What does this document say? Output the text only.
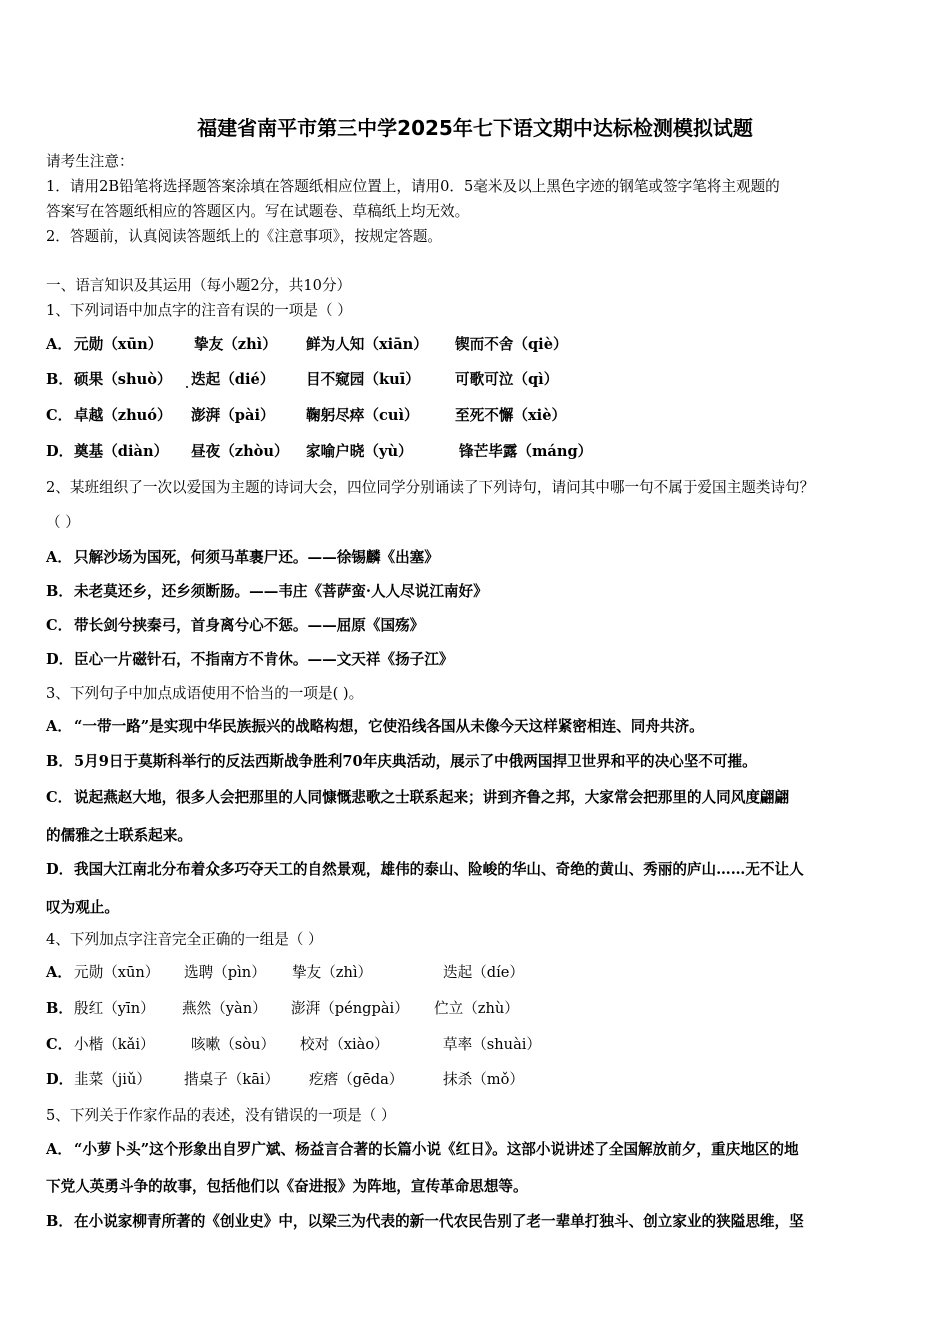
福建省南平市第三中学2025年七下语文期中达标检测模拟试题
请考生注意：
1．请用2B铅笔将选择题答案涂填在答题纸相应位置上，请用0．5毫米及以上黑色字迹的钢笔或签字笔将主观题的
答案写在答题纸相应的答题区内。写在试题卷、草稿纸上均无效。
2．答题前，认真阅读答题纸上的《注意事项》，按规定答题。
一、语言知识及其运用（每小题2分，共10分）
1、下列词语中加点字的注音有误的一项是（ ）
A． 元勋（xūn） 挚友（zhì） 鲜为人知（xiān） 锲而不舍（qiè）
B． 硕果（shuò） 迭起（dié） 目不窥园（kuī） 可歌可泣（qì）
C． 卓越（zhuó） 澎湃（pài） 鞠躬尽瘁（cuì） 至死不懈（xiè）
D． 奠基（diàn） 昼夜（zhòu） 家喻户晓（yù）	锋芒毕露（máng）
2、某班组织了一次以爱国为主题的诗词大会，四位同学分别诵读了下列诗句，请问其中哪一句不属于爱国主题类诗句？
（ ）
A． 只解沙场为国死，何须马革裹尸还。——徐锡麟《出塞》
B．未老莫还乡，还乡须断肠。——韦庄《菩萨蛮·人人尽说江南好》
C． 带长剑兮挟秦弓，首身离兮心不惩。——屈原《国殇》
D．臣心一片磁针石，不指南方不肯休。——文天祥《扬子江》
3、下列句子中加点成语使用不恰当的一项是( )。
A． “一带一路”是实现中华民族振兴的战略构想，它使沿线各国从未像今天这样紧密相连、同舟共济。
B．5月9日于莫斯科举行的反法西斯战争胜利70年庆典活动，展示了中俄两国捍卫世界和平的决心坚不可摧。
C． 说起燕赵大地，很多人会把那里的人同慷慨悲歌之士联系起来；讲到齐鲁之邦，大家常会把那里的人同风度翩翩
的儒雅之士联系起来。
D．我国大江南北分布着众多巧夺天工的自然景观，雄伟的泰山、险峻的华山、奇绝的黄山、秀丽的庐山……无不让人
叹为观止。
4、下列加点字注音完全正确的一组是（ ）
A． 元勋（xūn） 选聘（pìn） 挚友（zhì）	迭起（díe）
B． 殷红（yīn） 燕然（yàn） 澎湃（péngpài） 伫立（zhù）
C． 小楷（kǎi） 咳嗽（sòu） 校对（xiào）	草率（shuài）
D． 韭菜（jiǔ） 揩桌子（kāi） 疙瘩（gēda）	抹杀（mǒ）
5、下列关于作家作品的表述，没有错误的一项是（ ）
A． “小萝卜头”这个形象出自罗广斌、杨益言合著的长篇小说《红日》。这部小说讲述了全国解放前夕，重庆地区的地
下党人英勇斗争的故事，包括他们以《奋进报》为阵地，宣传革命思想等。
B．在小说家柳青所著的《创业史》中，以梁三为代表的新一代农民告别了老一辈单打独斗、创立家业的狭隘思维，坚
